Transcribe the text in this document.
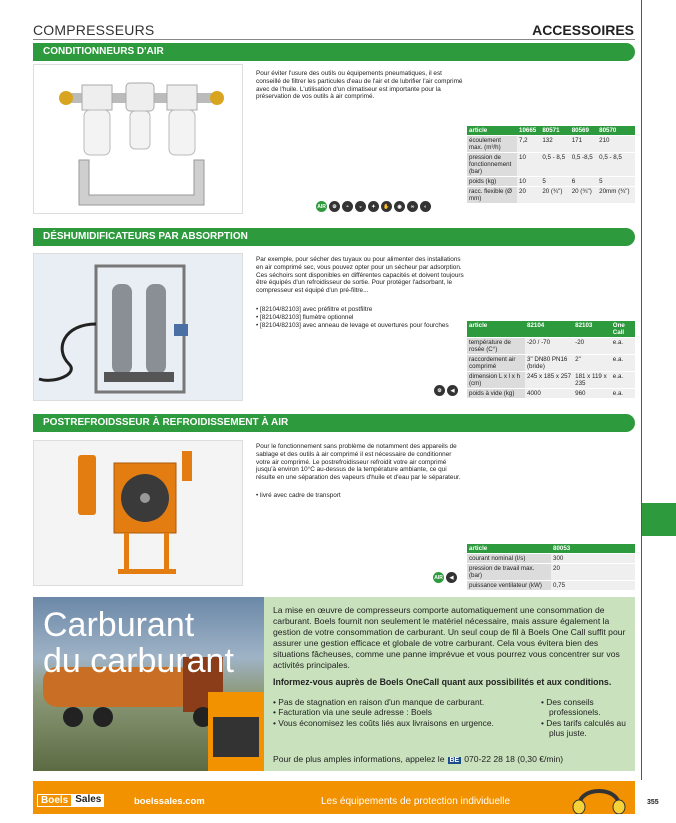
COMPRESSEURS	ACCESSOIRES
CONDITIONNEURS D'AIR
Pour éviter l'usure des outils ou équipements pneumatiques, il est conseillé de filtrer les particules d'eau de l'air et de lubrifier l'air comprimé avec de l'huile. L'utilisation d'un climatiseur est importante pour la préservation de vos outils à air comprimé.
article	10665	80571	80569	80570
écoulement max. (m³/h)	7,2	132	171	210
pression de fonctionnement (bar)	10	0,5 - 8,5	0,5 -8,5	0,5 - 8,5
poids (kg)	10	5	6	5
racc. flexible (Ø mm)	20	20 (¾")	20 (¾")	20mm (¾")
AIR	⚙	◓	◒	✦	✋	◉	∞	◐
DÉSHUMIDIFICATEURS PAR ABSORPTION
Par exemple, pour sécher des tuyaux ou pour alimenter des installations en air comprimé sec, vous pouvez opter pour un sécheur par adsorption. Ces séchoirs sont disponibles en différentes capacités et doivent toujours être équipés d'un refroidisseur de sortie. Pour protéger l'adsorbant, le compresseur est équipé d'un pré-filtre...
• [82104/82103] avec préfiltre et postfiltre
• [82104/82103] flumètre optionnel
• [82104/82103] avec anneau de levage et ouvertures pour fourches	article	82104	82103	One Call
température de rosée (C°)	-20 / -70	-20	e.a.
raccordement air comprimé	3" DN80 PN16 (bride)	2"	e.a.
dimension L x l x h (cm)	245 x 185 x 257	181 x 119 x 235	e.a.
poids à vide (kg)	4000	960	e.a.
⚙	◀
POSTREFROIDSSEUR À REFROIDISSEMENT À AIR
Pour le fonctionnement sans problème de notamment des appareils de sablage et des outils à air comprimé il est nécessaire de conditionner votre air comprimé. Le postrefroidisseur refroidit votre air comprimé jusqu'à environ 10°C au-dessus de la température ambiante, ce qui résulte en une séparation des vapeurs d'huile et d'eau par le séparateur.
• livré avec cadre de transport
article	80053
courant nominal (I/s)	300
pression de travail max. (bar)	20
puissance ventilateur (kW)	0,75
AIR	◀
Carburant
du carburant
La mise en œuvre de compresseurs comporte automatiquement une consommation de carburant. Boels fournit non seulement le matériel nécessaire, mais assure également la gestion de votre consommation de carburant. Un seul coup de fil à Boels One Call suffit pour assurer une gestion efficace et globale de votre carburant. Cela vous évitera bien des situations fâcheuses, comme une panne imprévue et vous pourrez vous concentrer sur vos activités principales.
Informez-vous auprès de Boels OneCall quant aux possibilités et aux conditions.
• Pas de stagnation en raison d'un manque de carburant.
• Facturation via une seule adresse : Boels
• Vous économisez les coûts liés aux livraisons en urgence.
• Des conseils professionels.
• Des tarifs calculés au plus juste.
Pour de plus amples informations, appelez le BE 070-22 28 18 (0,30 €/min)
Boels Sales	boelssales.com	Les équipements de protection individuelle	355
